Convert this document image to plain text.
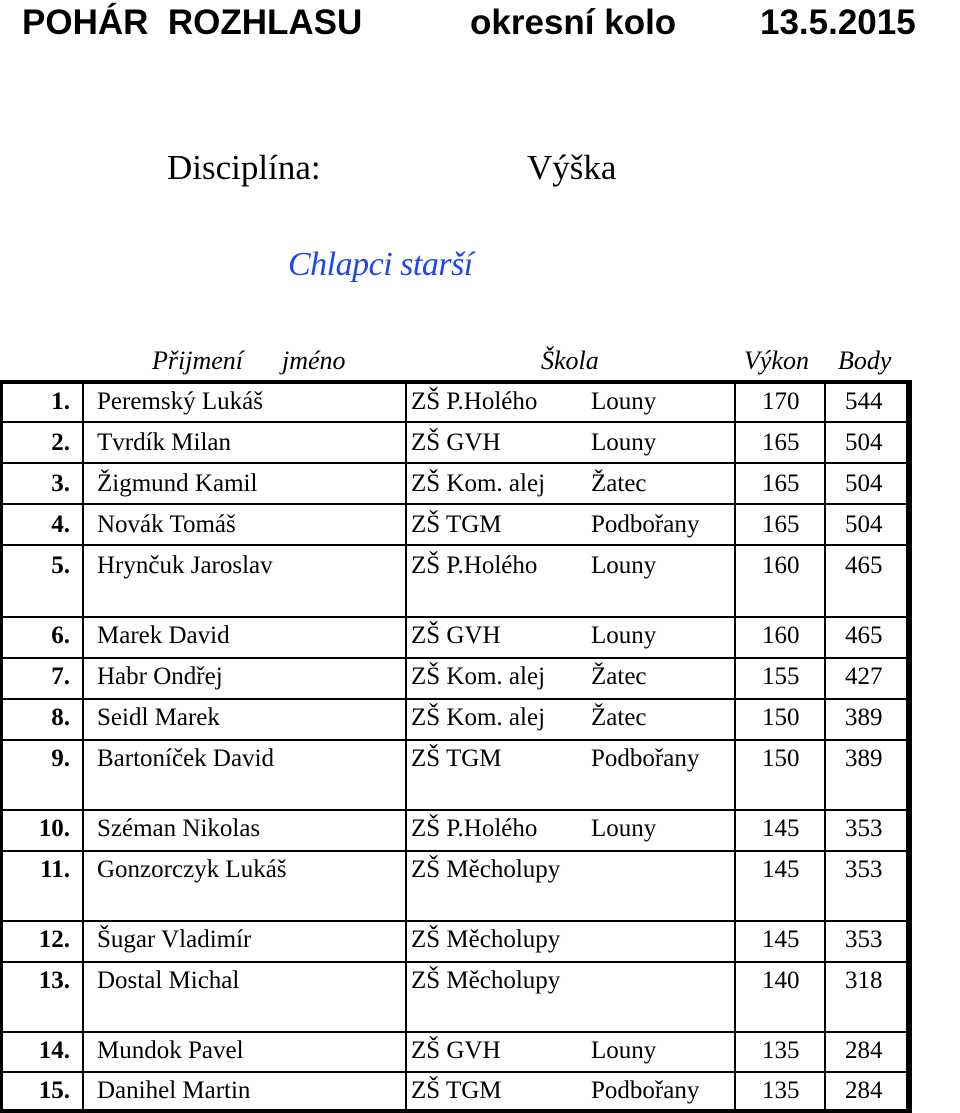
POHÁR  ROZHLASU	okresní kolo 13.5.2015
Disciplína:	Výška
Chlapci starší
Přijmení jméno	Škola	Výkon Body
1. Peremský Lukáš	ZŠ P.Holého Louny	170 544
2. Tvrdík Milan	ZŠ GVH	Louny	165 504
3. Žigmund Kamil	ZŠ Kom. alej Žatec	165 504
4. Novák Tomáš	ZŠ TGM	Podbořany	165 504
5. Hrynčuk Jaroslav	ZŠ P.Holého Louny	160 465
6. Marek David	ZŠ GVH	Louny	160 465
7. Habr Ondřej	ZŠ Kom. alej Žatec	155 427
8. Seidl Marek	ZŠ Kom. alej Žatec	150 389
9. Bartoníček David	ZŠ TGM	Podbořany	150 389
10. Széman Nikolas	ZŠ P.Holého Louny	145 353
11. Gonzorczyk Lukáš	ZŠ Měcholupy	145 353
12. Šugar Vladimír	ZŠ Měcholupy	145 353
13. Dostal Michal	ZŠ Měcholupy	140 318
14. Mundok Pavel	ZŠ GVH	Louny	135 284
15. Danihel Martin	ZŠ TGM	Podbořany	135 284
